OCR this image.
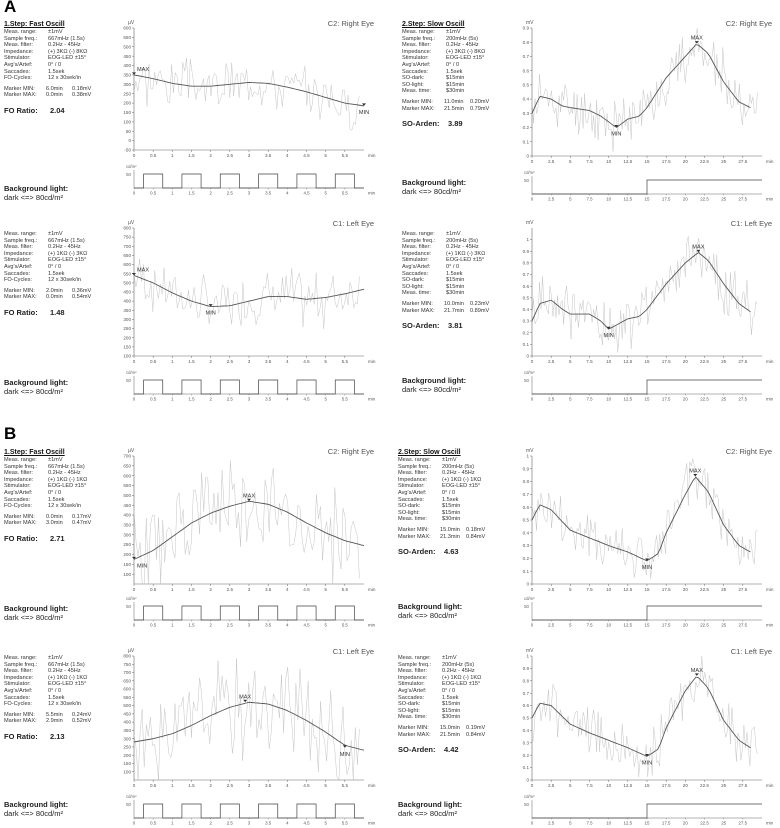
A
B
1.Step: Fast Oscill
Meas. range:	±1mV
Sample freq.:	667mHz (1.5s)
Meas. filter:	0.2Hz - 45Hz
Impedance:	(+) 3KΩ (-) 8KΩ
Stimulator:	EOG-LED ±15°
Avg's/Artef:	0° / 0
Saccades:	1.5sek
FO-Cycles:	12 x 30sek/in
Marker MIN:	6.0min	0.18mV
Marker MAX:	0.0min	0.38mV
FO Ratio:	2.04
Background light:
dark <=> 80cd/m²
C2: Right Eye
µV
-50
0
50
100
150
200
250
300
350
400
450
500
550
600
0	0.5	1	1.5	2	2.5	3	3.5	4	4.5	5	5.5	min
MAX
MIN
cd/m²
50
0	0.5	1	1.5	2	2.5	3	3.5	4	4.5	5	5.5	min
Meas. range:	±1mV
Sample freq.:	667mHz (1.5s)
Meas. filter:	0.2Hz - 45Hz
Impedance:	(+) 1KΩ (-) 3KΩ
Stimulator:	EOG-LED ±15°
Avg's/Artef:	0° / 0
Saccades:	1.5sek
FO-Cycles:	12 x 30sek/in
Marker MIN:	2.0min	0.36mV
Marker MAX:	0.0min	0.54mV
FO Ratio:	1.48
Background light:
dark <=> 80cd/m²
C1: Left Eye
µV
100
150
200
250
300
350
400
450
500
550
600
650
700
750
800
0	0.5	1	1.5	2	2.5	3	3.5	4	4.5	5	5.5	min
MAX
MIN
cd/m²
50
0	0.5	1	1.5	2	2.5	3	3.5	4	4.5	5	5.5	min
2.Step: Slow Oscill
Meas. range:	±1mV
Sample freq.:	200mHz (5s)
Meas. filter:	0.2Hz - 45Hz
Impedance:	(+) 3KΩ (-) 8KΩ
Stimulator:	EOG-LED ±15°
Avg's/Artef:	0° / 0
Saccades:	1.5sek
SO-dark:	$15min
SO-light:	$15min
Meas. time:	$30min
Marker MIN:	11.0min	0.20mV
Marker MAX:	21.5min	0.79mV
SO-Arden:	3.89
Background light:
dark <=> 80cd/m²
C2: Right Eye
mV
0
0.1
0.2
0.3
0.4
0.5
0.6
0.7
0.8
0.9
0	2.5	5	7.5	10	12.5	15	17.5	20	22.5	25	27.5	min
MAX
MIN
cd/m²
50
0	2.5	5	7.5	10	12.5	15	17.5	20	22.5	25	27.5	min
Meas. range:	±1mV
Sample freq.:	200mHz (5s)
Meas. filter:	0.2Hz - 45Hz
Impedance:	(+) 1KΩ (-) 3KΩ
Stimulator:	EOG-LED ±15°
Avg's/Artef:	0° / 0
Saccades:	1.5sek
SO-dark:	$15min
SO-light:	$15min
Meas. time:	$30min
Marker MIN:	10.0min	0.23mV
Marker MAX:	21.7min	0.89mV
SO-Arden:	3.81
Background light:
dark <=> 80cd/m²
C1: Left Eye
mV
0
0.1
0.2
0.3
0.4
0.5
0.6
0.7
0.8
0.9
1
0	2.5	5	7.5	10	12.5	15	17.5	20	22.5	25	27.5	min
MAX
MIN
cd/m²
50
0	2.5	5	7.5	10	12.5	15	17.5	20	22.5	25	27.5	min
1.Step: Fast Oscill
Meas. range:	±1mV
Sample freq.:	667mHz (1.5s)
Meas. filter:	0.2Hz - 45Hz
Impedance:	(+) 1KΩ (-) 1KΩ
Stimulator:	EOG-LED ±15°
Avg's/Artef:	0° / 0
Saccades:	1.5sek
FO-Cycles:	12 x 30sek/in
Marker MIN:	0.0min	0.17mV
Marker MAX:	3.0min	0.47mV
FO Ratio:	2.71
Background light:
dark <=> 80cd/m²
C2: Right Eye
µV
100
150
200
250
300
350
400
450
500
550
600
650
700
0	0.5	1	1.5	2	2.5	3	3.5	4	4.5	5	5.5	min
MAX
MIN
cd/m²
50
0	0.5	1	1.5	2	2.5	3	3.5	4	4.5	5	5.5	min
Meas. range:	±1mV
Sample freq.:	667mHz (1.5s)
Meas. filter:	0.2Hz - 45Hz
Impedance:	(+) 1KΩ (-) 1KΩ
Stimulator:	EOG-LED ±15°
Avg's/Artef:	0° / 0
Saccades:	1.5sek
FO-Cycles:	12 x 30sek/in
Marker MIN:	5.5min	0.24mV
Marker MAX:	2.9min	0.52mV
FO Ratio:	2.13
Background light:
dark <=> 80cd/m²
C1: Left Eye
µV
100
150
200
250
300
350
400
450
500
550
600
650
700
750
800
0	0.5	1	1.5	2	2.5	3	3.5	4	4.5	5	5.5	min
MAX
MIN
cd/m²
50
0	0.5	1	1.5	2	2.5	3	3.5	4	4.5	5	5.5	min
2.Step: Slow Oscill
Meas. range:	±1mV
Sample freq.:	200mHz (5s)
Meas. filter:	0.2Hz - 45Hz
Impedance:	(+) 1KΩ (-) 1KΩ
Stimulator:	EOG-LED ±15°
Avg's/Artef:	0° / 0
Saccades:	1.5sek
SO-dark:	$15min
SO-light:	$15min
Meas. time:	$30min
Marker MIN:	15.0min	0.18mV
Marker MAX:	21.3min	0.84mV
SO-Arden:	4.63
Background light:
dark <=> 80cd/m²
C2: Right Eye
mV
0
0.1
0.2
0.3
0.4
0.5
0.6
0.7
0.8
0.9
1
0	2.5	5	7.5	10	12.5	15	17.5	20	22.5	25	27.5	min
MAX
MIN
cd/m²
50
0	2.5	5	7.5	10	12.5	15	17.5	20	22.5	25	27.5	min
Meas. range:	±1mV
Sample freq.:	200mHz (5s)
Meas. filter:	0.2Hz - 45Hz
Impedance:	(+) 1KΩ (-) 1KΩ
Stimulator:	EOG-LED ±15°
Avg's/Artef:	0° / 0
Saccades:	1.5sek
SO-dark:	$15min
SO-light:	$15min
Meas. time:	$30min
Marker MIN:	15.0min	0.19mV
Marker MAX:	21.5min	0.84mV
SO-Arden:	4.42
Background light:
dark <=> 80cd/m²
C1: Left Eye
mV
0
0.1
0.2
0.3
0.4
0.5
0.6
0.7
0.8
0.9
1
0	2.5	5	7.5	10	12.5	15	17.5	20	22.5	25	27.5	min
MAX
MIN
cd/m²
50
0	2.5	5	7.5	10	12.5	15	17.5	20	22.5	25	27.5	min
